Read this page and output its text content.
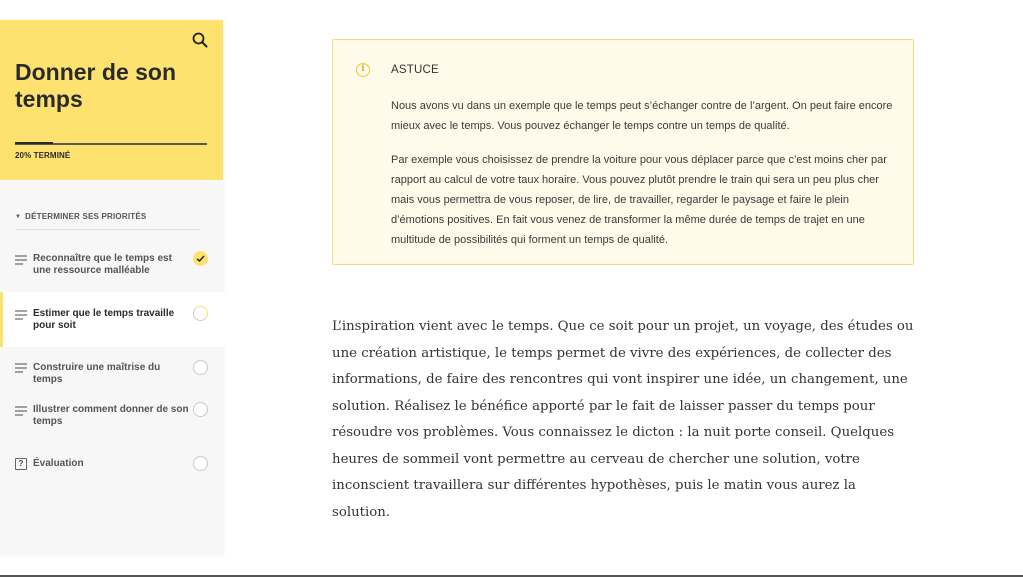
Donner de son temps
20% TERMINÉ
▼ DÉTERMINER SES PRIORITÉS
Reconnaître que le temps est une ressource malléable
Estimer que le temps travaille pour soit
Construire une maîtrise du temps
Illustrer comment donner de son temps
? Évaluation
i	ASTUCE

Nous avons vu dans un exemple que le temps peut s’échanger contre de l’argent. On peut faire encore mieux avec le temps. Vous pouvez échanger le temps contre un temps de qualité.

Par exemple vous choisissez de prendre la voiture pour vous déplacer parce que c’est moins cher par rapport au calcul de votre taux horaire. Vous pouvez plutôt prendre le train qui sera un peu plus cher mais vous permettra de vous reposer, de lire, de travailler, regarder le paysage et faire le plein d’émotions positives. En fait vous venez de transformer la même durée de temps de trajet en une multitude de possibilités qui forment un temps de qualité.

L’inspiration vient avec le temps. Que ce soit pour un projet, un voyage, des études ou une création artistique, le temps permet de vivre des expériences, de collecter des informations, de faire des rencontres qui vont inspirer une idée, un changement, une solution. Réalisez le bénéfice apporté par le fait de laisser passer du temps pour résoudre vos problèmes. Vous connaissez le dicton : la nuit porte conseil. Quelques heures de sommeil vont permettre au cerveau de chercher une solution, votre inconscient travaillera sur différentes hypothèses, puis le matin vous aurez la solution.
